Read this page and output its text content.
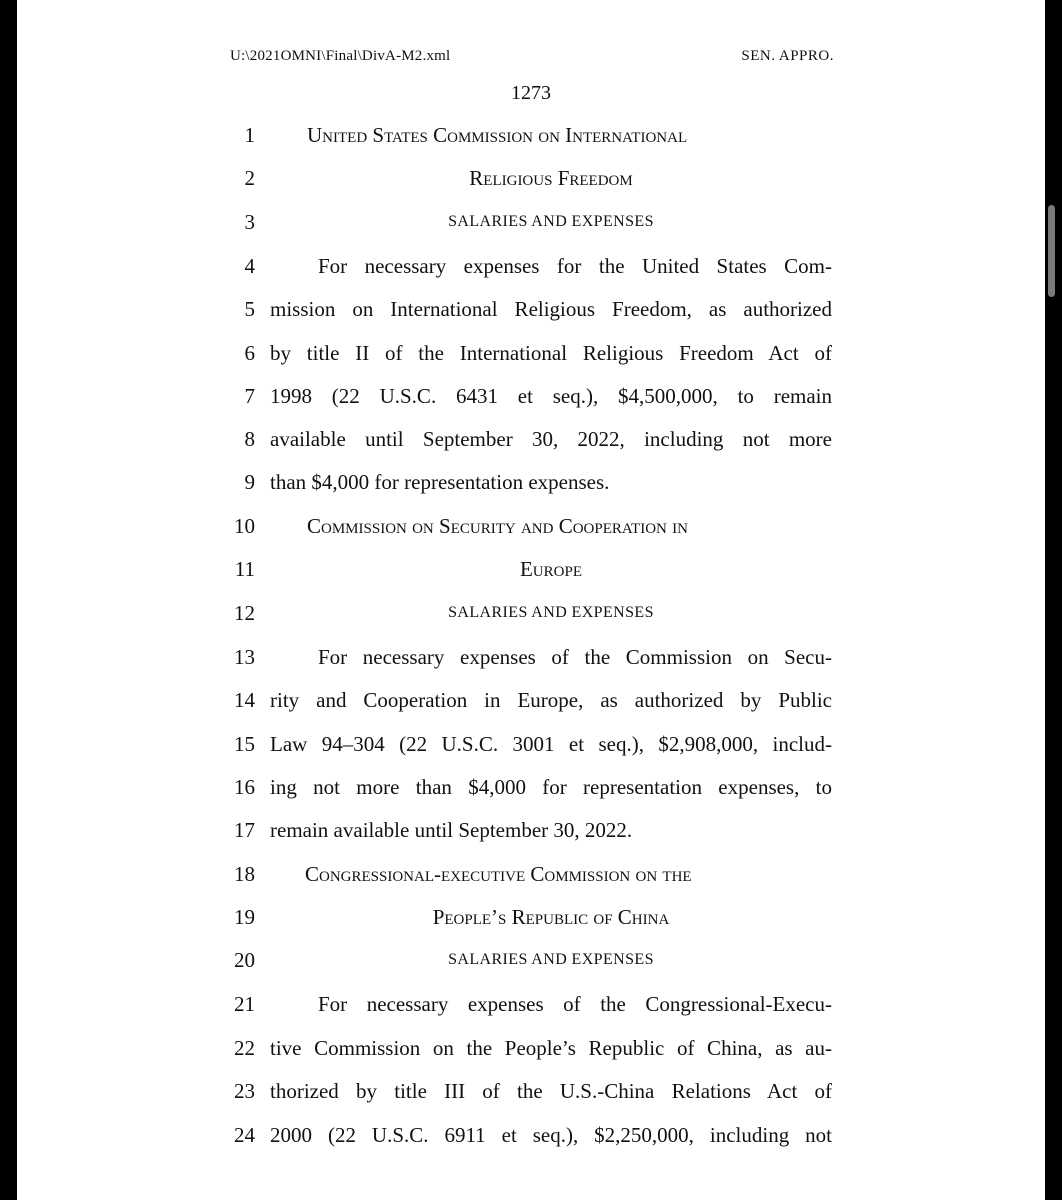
U:\2021OMNI\Final\DivA-M2.xml	SEN. APPRO.
1273
1 United States Commission on International
2	Religious Freedom
3	SALARIES AND EXPENSES
4	For necessary expenses for the United States Com-
5 mission on International Religious Freedom, as authorized
6 by title II of the International Religious Freedom Act of
7 1998 (22 U.S.C. 6431 et seq.), $4,500,000, to remain
8 available until September 30, 2022, including not more
9 than $4,000 for representation expenses.
10 Commission on Security and Cooperation in
11	Europe
12	SALARIES AND EXPENSES
13	For necessary expenses of the Commission on Secu-
14 rity and Cooperation in Europe, as authorized by Public
15 Law 94–304 (22 U.S.C. 3001 et seq.), $2,908,000, includ-
16 ing not more than $4,000 for representation expenses, to
17 remain available until September 30, 2022.
18 Congressional-executive Commission on the
19	People’s Republic of China
20	SALARIES AND EXPENSES
21	For necessary expenses of the Congressional-Execu-
22 tive Commission on the People’s Republic of China, as au-
23 thorized by title III of the U.S.-China Relations Act of
24 2000 (22 U.S.C. 6911 et seq.), $2,250,000, including not
